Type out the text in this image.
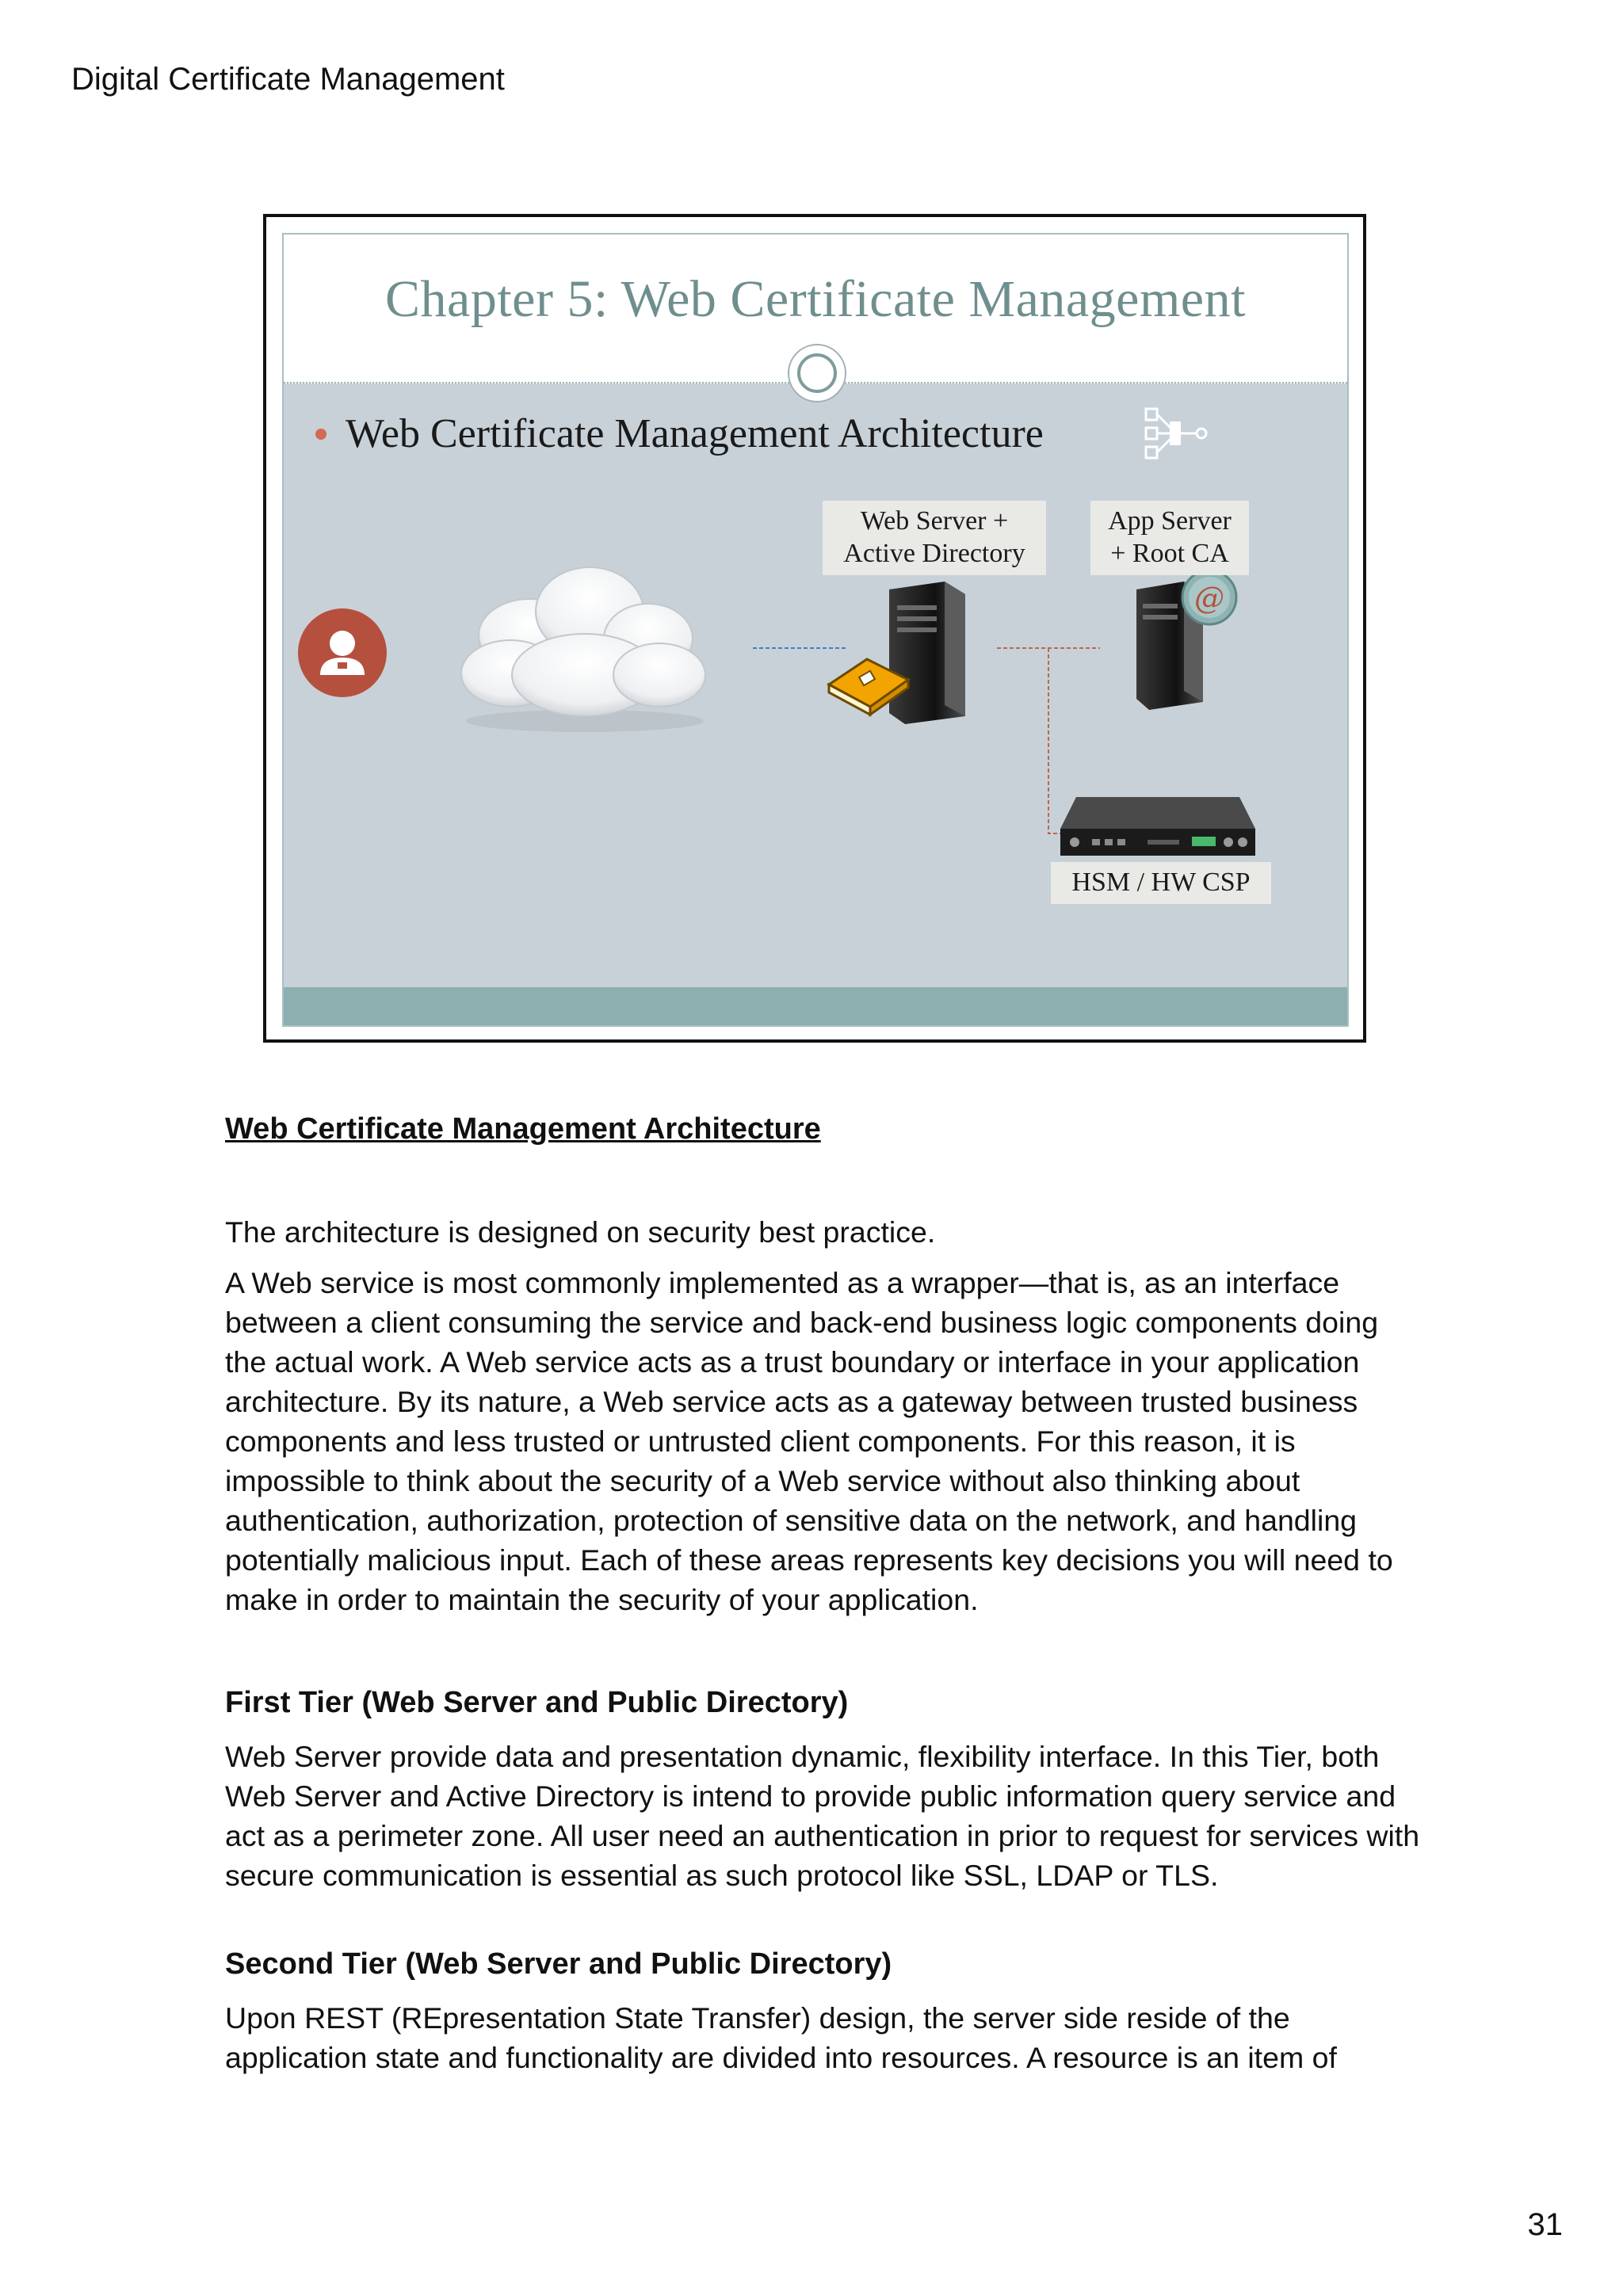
Digital Certificate Management
Chapter 5: Web Certificate Management
Web Certificate Management Architecture
@
Web Server +
Active Directory
App Server
+ Root CA
HSM / HW CSP
Web Certificate Management Architecture

The architecture is designed on security best practice.

A Web service is most commonly implemented as a wrapper—that is, as an interface between a client consuming the service and back-end business logic components doing the actual work. A Web service acts as a trust boundary or interface in your application architecture. By its nature, a Web service acts as a gateway between trusted business components and less trusted or untrusted client components. For this reason, it is impossible to think about the security of a Web service without also thinking about authentication, authorization, protection of sensitive data on the network, and handling potentially malicious input. Each of these areas represents key decisions you will need to make in order to maintain the security of your application.

First Tier (Web Server and Public Directory)

Web Server provide data and presentation dynamic, flexibility interface. In this Tier, both Web Server and Active Directory is intend to provide public information query service and act as a perimeter zone. All user need an authentication in prior to request for services with secure communication is essential as such protocol like SSL, LDAP or TLS.

Second Tier (Web Server and Public Directory)

Upon REST (REpresentation State Transfer) design, the server side reside of the application state and functionality are divided into resources. A resource is an item of

31
